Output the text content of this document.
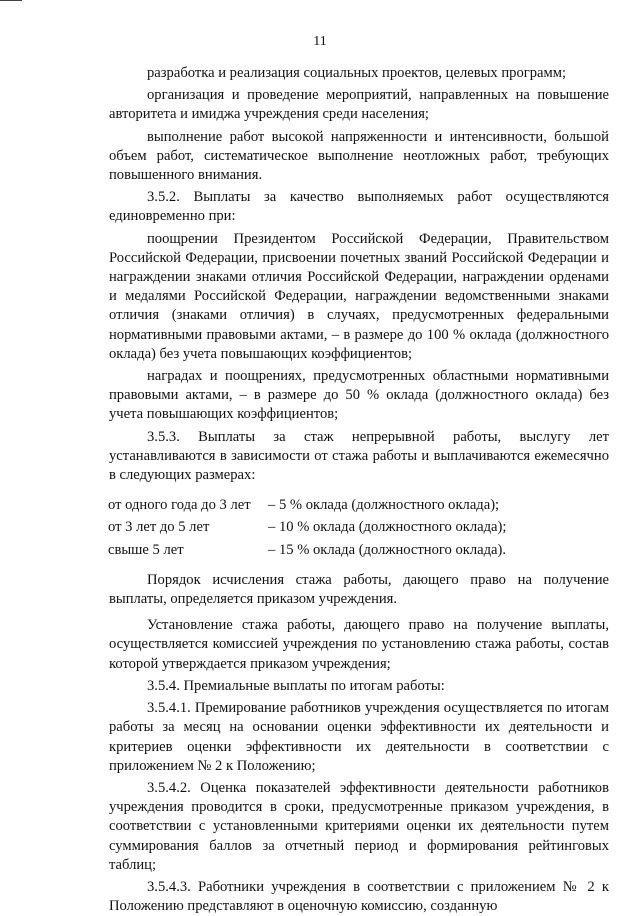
11

разработка и реализация социальных проектов, целевых программ;

организация и проведение мероприятий, направленных на повышение авторитета и имиджа учреждения среди населения;

выполнение работ высокой напряженности и интенсивности, большой объем работ, систематическое выполнение неотложных работ, требующих повышенного внимания.

3.5.2. Выплаты за качество выполняемых работ осуществляются единовременно при:

поощрении Президентом Российской Федерации, Правительством Российской Федерации, присвоении почетных званий Российской Федерации и награждении знаками отличия Российской Федерации, награждении орденами и медалями Российской Федерации, награждении ведомственными знаками отличия (знаками отличия) в случаях, предусмотренных федеральными нормативными правовыми актами, – в размере до 100 % оклада (должностного оклада) без учета повышающих коэффициентов;

наградах и поощрениях, предусмотренных областными нормативными правовыми актами, – в размере до 50 % оклада (должностного оклада) без учета повышающих коэффициентов;

3.5.3. Выплаты за стаж непрерывной работы, выслугу лет устанавливаются в зависимости от стажа работы и выплачиваются ежемесячно в следующих размерах:

от одного года до 3 лет	– 5 % оклада (должностного оклада);
от 3 лет до 5 лет	– 10 % оклада (должностного оклада);
свыше 5 лет	– 15 % оклада (должностного оклада).

Порядок исчисления стажа работы, дающего право на получение выплаты, определяется приказом учреждения.

Установление стажа работы, дающего право на получение выплаты, осуществляется комиссией учреждения по установлению стажа работы, состав которой утверждается приказом учреждения;

3.5.4. Премиальные выплаты по итогам работы:

3.5.4.1. Премирование работников учреждения осуществляется по итогам работы за месяц на основании оценки эффективности их деятельности и критериев оценки эффективности их деятельности в соответствии с приложением № 2 к Положению;

3.5.4.2. Оценка показателей эффективности деятельности работников учреждения проводится в сроки, предусмотренные приказом учреждения, в соответствии с установленными критериями оценки их деятельности путем суммирования баллов за отчетный период и формирования рейтинговых таблиц;

3.5.4.3. Работники учреждения в соответствии с приложением № 2 к Положению представляют в оценочную комиссию, созданную
